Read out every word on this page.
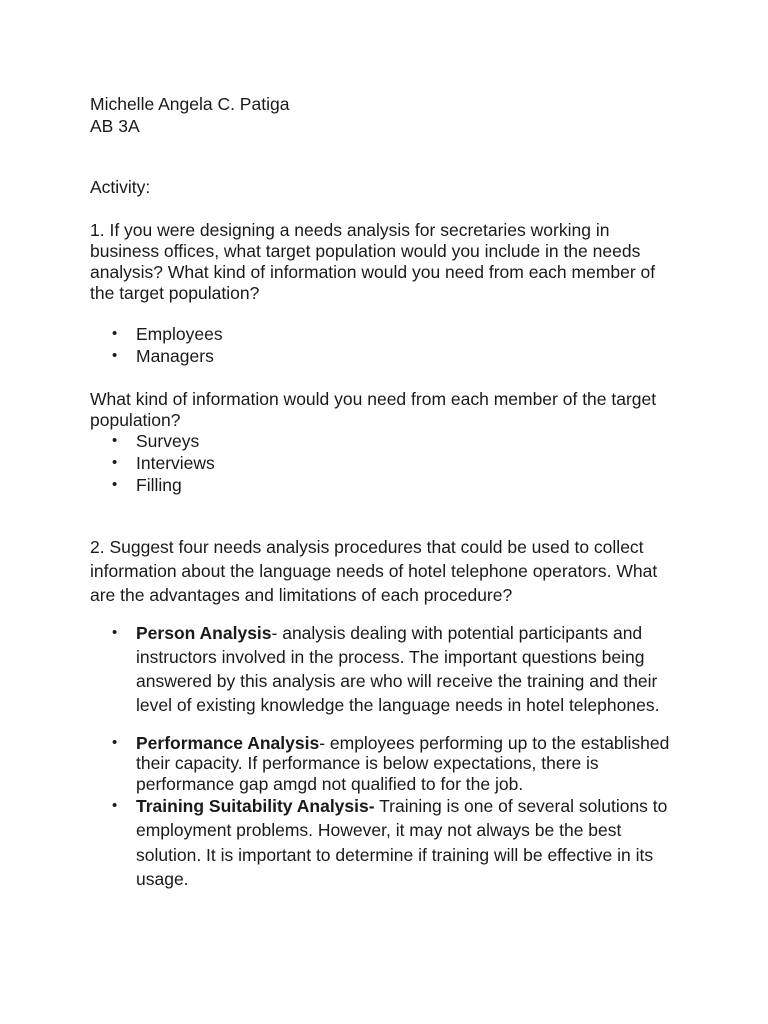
Michelle Angela C. Patiga
AB 3A
Activity:
1. If you were designing a needs analysis for secretaries working in
business offices, what target population would you include in the needs
analysis? What kind of information would you need from each member of
the target population?
• Employees
• Managers
What kind of information would you need from each member of the target
population?
• Surveys
• Interviews
• Filling
2. Suggest four needs analysis procedures that could be used to collect
information about the language needs of hotel telephone operators. What
are the advantages and limitations of each procedure?
• Person Analysis- analysis dealing with potential participants and
instructors involved in the process. The important questions being
answered by this analysis are who will receive the training and their
level of existing knowledge the language needs in hotel telephones.
• Performance Analysis- employees performing up to the established
their capacity. If performance is below expectations, there is
performance gap amgd not qualified to for the job.
• Training Suitability Analysis- Training is one of several solutions to
employment problems. However, it may not always be the best
solution. It is important to determine if training will be effective in its
usage.
